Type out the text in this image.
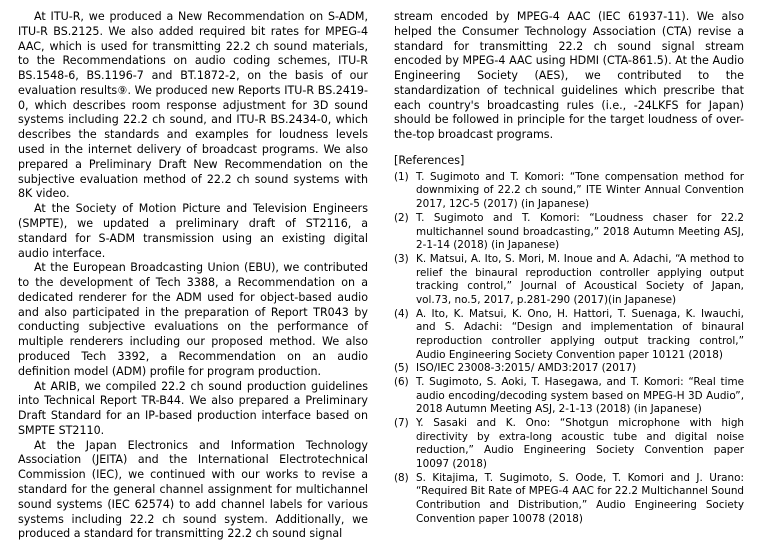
At ITU-R, we produced a New Recommendation on S-ADM, ITU-R BS.2125. We also added required bit rates for MPEG-4 AAC, which is used for transmitting 22.2 ch sound materials, to the Recommendations on audio coding schemes, ITU-R BS.1548-6, BS.1196-7 and BT.1872-2, on the basis of our evaluation results⑨. We produced new Reports ITU-R BS.2419-0, which describes room response adjustment for 3D sound systems including 22.2 ch sound, and ITU-R BS.2434-0, which describes the standards and examples for loudness levels used in the internet delivery of broadcast programs. We also prepared a Preliminary Draft New Recommendation on the subjective evaluation method of 22.2 ch sound systems with 8K video.

At the Society of Motion Picture and Television Engineers (SMPTE), we updated a preliminary draft of ST2116, a standard for S-ADM transmission using an existing digital audio interface.

At the European Broadcasting Union (EBU), we contributed to the development of Tech 3388, a Recommendation on a dedicated renderer for the ADM used for object-based audio and also participated in the preparation of Report TR043 by conducting subjective evaluations on the performance of multiple renderers including our proposed method. We also produced Tech 3392, a Recommendation on an audio definition model (ADM) profile for program production.

At ARIB, we compiled 22.2 ch sound production guidelines into Technical Report TR-B44. We also prepared a Preliminary Draft Standard for an IP-based production interface based on SMPTE ST2110.

At the Japan Electronics and Information Technology Association (JEITA) and the International Electrotechnical Commission (IEC), we continued with our works to revise a standard for the general channel assignment for multichannel sound systems (IEC 62574) to add channel labels for various systems including 22.2 ch sound system. Additionally, we produced a standard for transmitting 22.2 ch sound signal

stream encoded by MPEG-4 AAC (IEC 61937-11). We also helped the Consumer Technology Association (CTA) revise a standard for transmitting 22.2 ch sound signal stream encoded by MPEG-4 AAC using HDMI (CTA-861.5). At the Audio Engineering Society (AES), we contributed to the standardization of technical guidelines which prescribe that each country's broadcasting rules (i.e., -24LKFS for Japan) should be followed in principle for the target loudness of over-the-top broadcast programs.

[References]
(1) T. Sugimoto and T. Komori: “Tone compensation method for downmixing of 22.2 ch sound,” ITE Winter Annual Convention 2017, 12C-5 (2017) (in Japanese)
(2) T. Sugimoto and T. Komori: “Loudness chaser for 22.2 multichannel sound broadcasting,” 2018 Autumn Meeting ASJ, 2-1-14 (2018) (in Japanese)
(3) K. Matsui, A. Ito, S. Mori, M. Inoue and A. Adachi, “A method to relief the binaural reproduction controller applying output tracking control,” Journal of Acoustical Society of Japan, vol.73, no.5, 2017, p.281-290 (2017)(in Japanese)
(4) A. Ito, K. Matsui, K. Ono, H. Hattori, T. Suenaga, K. Iwauchi, and S. Adachi: “Design and implementation of binaural reproduction controller applying output tracking control,” Audio Engineering Society Convention paper 10121 (2018)
(5) ISO/IEC 23008-3:2015/ AMD3:2017 (2017)
(6) T. Sugimoto, S. Aoki, T. Hasegawa, and T. Komori: “Real time audio encoding/decoding system based on MPEG-H 3D Audio”, 2018 Autumn Meeting ASJ, 2-1-13 (2018) (in Japanese)
(7) Y. Sasaki and K. Ono: “Shotgun microphone with high directivity by extra-long acoustic tube and digital noise reduction,” Audio Engineering Society Convention paper 10097 (2018)
(8) S. Kitajima, T. Sugimoto, S. Oode, T. Komori and J. Urano: “Required Bit Rate of MPEG-4 AAC for 22.2 Multichannel Sound Contribution and Distribution,” Audio Engineering Society Convention paper 10078 (2018)
